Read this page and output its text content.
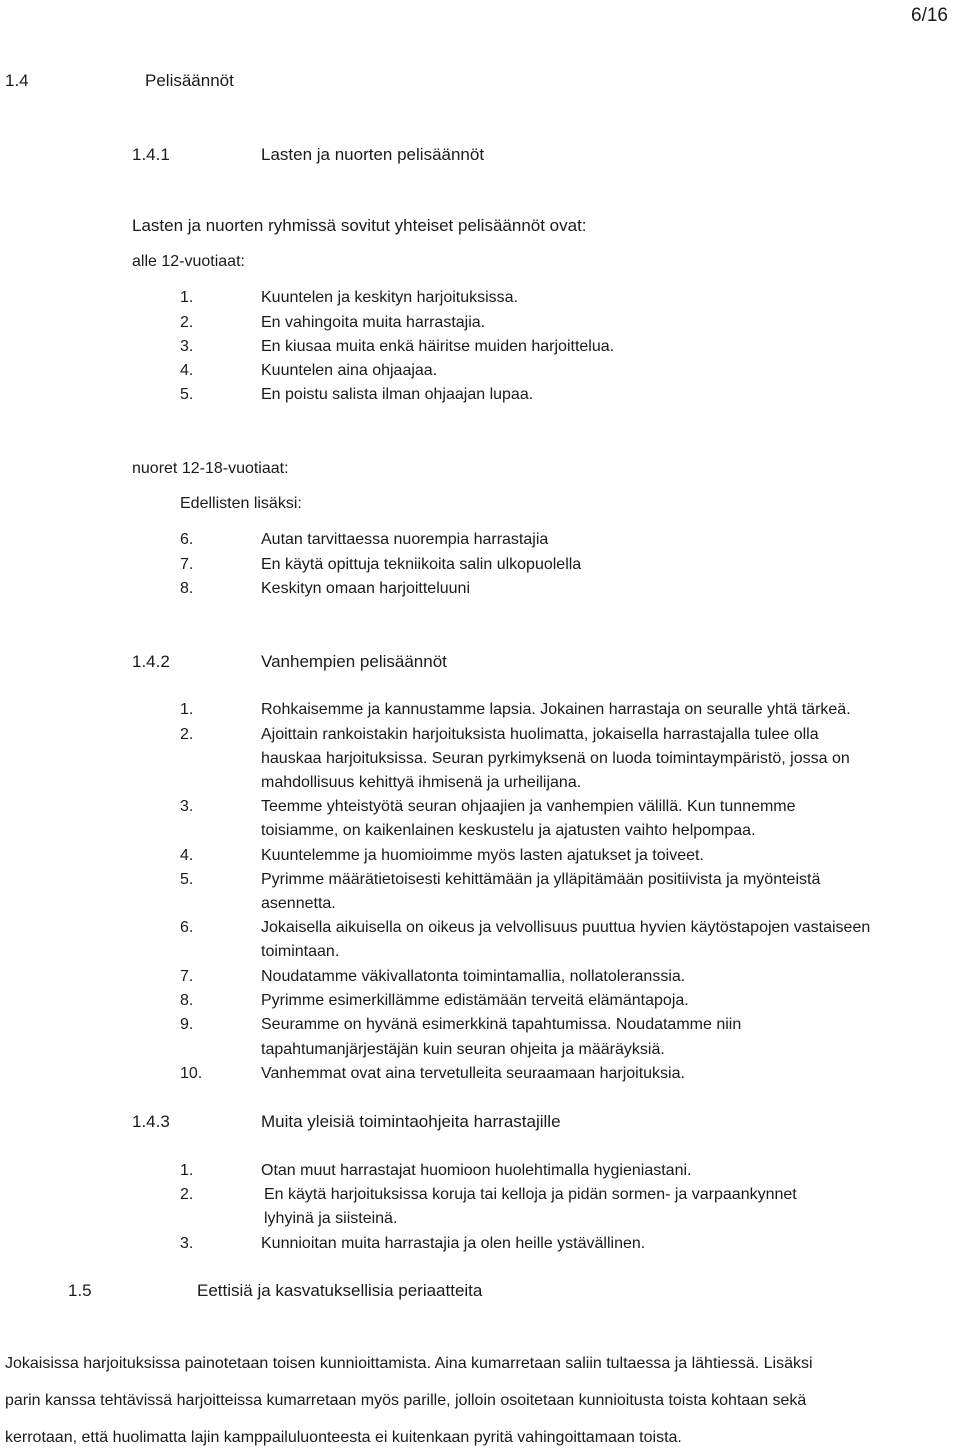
6/16
1.4	Pelisäännöt
1.4.1	Lasten ja nuorten pelisäännöt
Lasten ja nuorten ryhmissä sovitut yhteiset pelisäännöt ovat:
alle 12-vuotiaat:
1.	Kuuntelen ja keskityn harjoituksissa.
2.	En vahingoita muita harrastajia.
3.	En kiusaa muita enkä häiritse muiden harjoittelua.
4.	Kuuntelen aina ohjaajaa.
5.	En poistu salista ilman ohjaajan lupaa.
nuoret 12-18-vuotiaat:
Edellisten lisäksi:
6.	Autan tarvittaessa nuorempia harrastajia
7.	En käytä opittuja tekniikoita salin ulkopuolella
8.	Keskityn omaan harjoitteluuni
1.4.2	Vanhempien pelisäännöt
1.	Rohkaisemme ja kannustamme lapsia. Jokainen harrastaja on seuralle yhtä tärkeä.
2.	Ajoittain rankoistakin harjoituksista huolimatta, jokaisella harrastajalla tulee olla
hauskaa harjoituksissa. Seuran pyrkimyksenä on luoda toimintaympäristö, jossa on
mahdollisuus kehittyä ihmisenä ja urheilijana.
3.	Teemme yhteistyötä seuran ohjaajien ja vanhempien välillä. Kun tunnemme
toisiamme, on kaikenlainen keskustelu ja ajatusten vaihto helpompaa.
4.	Kuuntelemme ja huomioimme myös lasten ajatukset ja toiveet.
5.	Pyrimme määrätietoisesti kehittämään ja ylläpitämään positiivista ja myönteistä
asennetta.
6.	Jokaisella aikuisella on oikeus ja velvollisuus puuttua hyvien käytöstapojen vastaiseen
toimintaan.
7.	Noudatamme väkivallatonta toimintamallia, nollatoleranssia.
8.	Pyrimme esimerkillämme edistämään terveitä elämäntapoja.
9.	Seuramme on hyvänä esimerkkinä tapahtumissa. Noudatamme niin
tapahtumanjärjestäjän kuin seuran ohjeita ja määräyksiä.
10.	Vanhemmat ovat aina tervetulleita seuraamaan harjoituksia.
1.4.3	Muita yleisiä toimintaohjeita harrastajille
1.	Otan muut harrastajat huomioon huolehtimalla hygieniastani.
2.	En käytä harjoituksissa koruja tai kelloja ja pidän sormen- ja varpaankynnet
lyhyinä ja siisteinä.
3.	Kunnioitan muita harrastajia ja olen heille ystävällinen.
1.5	Eettisiä ja kasvatuksellisia periaatteita
Jokaisissa harjoituksissa painotetaan toisen kunnioittamista. Aina kumarretaan saliin tultaessa ja lähtiessä. Lisäksi
parin kanssa tehtävissä harjoitteissa kumarretaan myös parille, jolloin osoitetaan kunnioitusta toista kohtaan sekä
kerrotaan, että huolimatta lajin kamppailuluonteesta ei kuitenkaan pyritä vahingoittamaan toista.
